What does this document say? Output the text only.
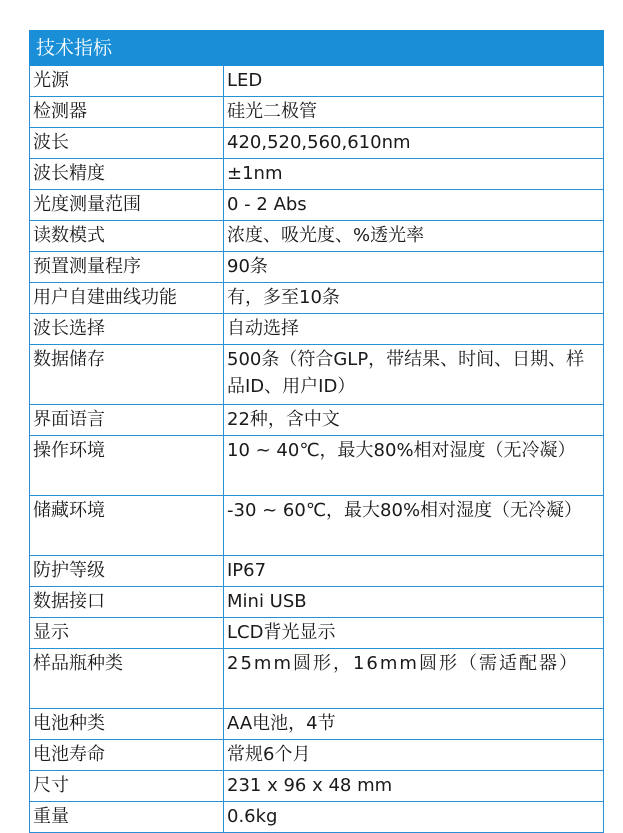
技术指标	
光源	LED
检测器	硅光二极管
波长	420,520,560,610nm
波长精度	±1nm
光度测量范围	0 - 2 Abs
读数模式	浓度、吸光度、%透光率
预置测量程序	90条
用户自建曲线功能	有，多至10条
波长选择	自动选择
数据储存	500条（符合GLP，带结果、时间、日期、样品ID、用户ID）
界面语言	22种，含中文
操作环境	10 ~ 40℃，最大80%相对湿度（无冷凝）
储藏环境	-30 ~ 60℃，最大80%相对湿度（无冷凝）
防护等级	IP67
数据接口	Mini USB
显示	LCD背光显示
样品瓶种类	25mm圆形，16mm圆形（需适配器）
电池种类	AA电池，4节
电池寿命	常规6个月
尺寸	231 x 96 x 48 mm
重量	0.6kg
